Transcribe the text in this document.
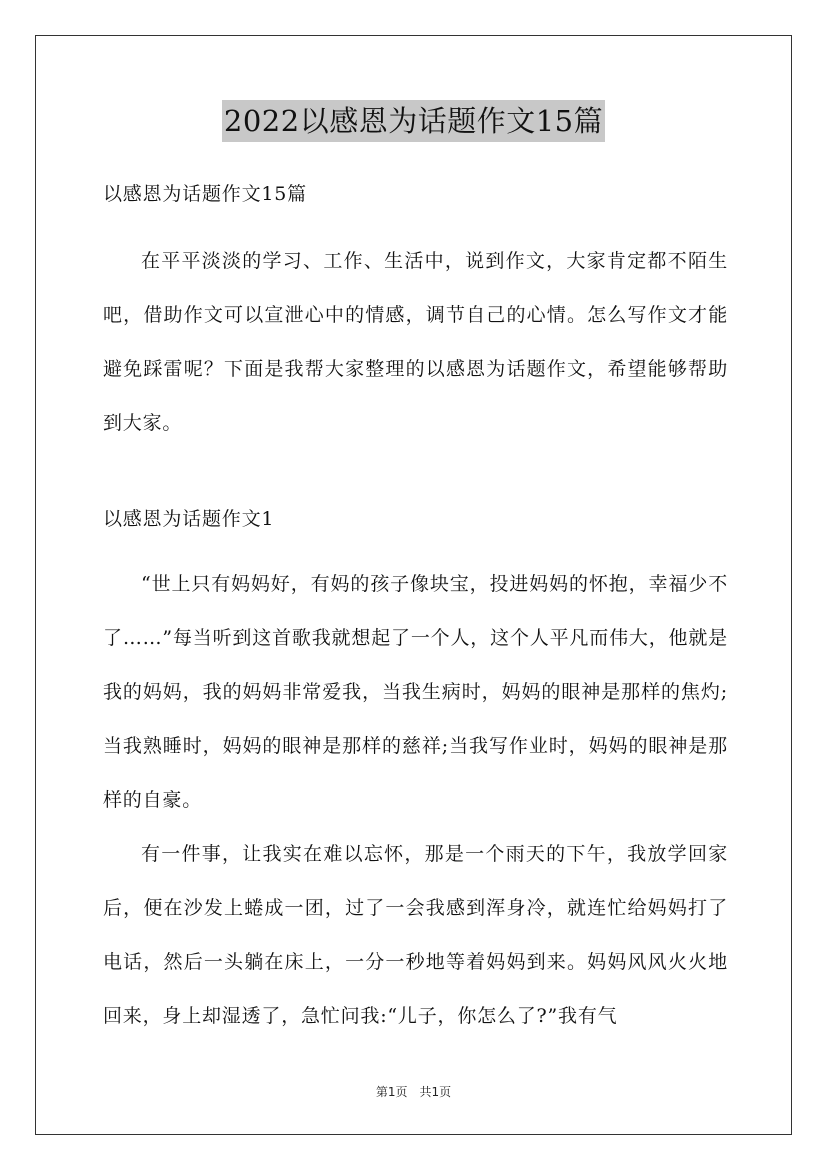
2022以感恩为话题作文15篇
以感恩为话题作文15篇
在平平淡淡的学习、工作、生活中，说到作文，大家肯定都不陌生吧，借助作文可以宣泄心中的情感，调节自己的心情。怎么写作文才能避免踩雷呢？下面是我帮大家整理的以感恩为话题作文，希望能够帮助到大家。
以感恩为话题作文1
“世上只有妈妈好，有妈的孩子像块宝，投进妈妈的怀抱，幸福少不了……”每当听到这首歌我就想起了一个人，这个人平凡而伟大，他就是我的妈妈，我的妈妈非常爱我，当我生病时，妈妈的眼神是那样的焦灼;当我熟睡时，妈妈的眼神是那样的慈祥;当我写作业时，妈妈的眼神是那样的自豪。
有一件事，让我实在难以忘怀，那是一个雨天的下午，我放学回家后，便在沙发上蜷成一团，过了一会我感到浑身冷，就连忙给妈妈打了电话，然后一头躺在床上，一分一秒地等着妈妈到来。妈妈风风火火地回来，身上却湿透了，急忙问我:“儿子，你怎么了?”我有气
第1页 共1页
